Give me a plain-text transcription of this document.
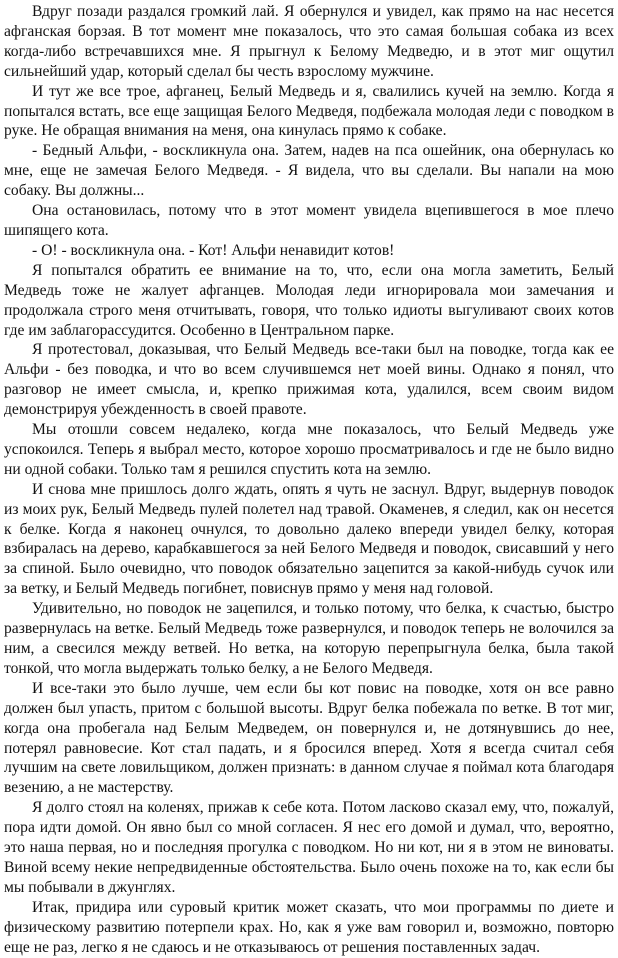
Вдруг позади раздался громкий лай. Я обернулся и увидел, как прямо на нас несется афганская борзая. В тот момент мне показалось, что это самая большая собака из всех когда-либо встречавшихся мне. Я прыгнул к Белому Медведю, и в этот миг ощутил сильнейший удар, который сделал бы честь взрослому мужчине.

И тут же все трое, афганец, Белый Медведь и я, свалились кучей на землю. Когда я попытался встать, все еще защищая Белого Медведя, подбежала молодая леди с поводком в руке. Не обращая внимания на меня, она кинулась прямо к собаке.

- Бедный Альфи, - воскликнула она. Затем, надев на пса ошейник, она обернулась ко мне, еще не замечая Белого Медведя. - Я видела, что вы сделали. Вы напали на мою собаку. Вы должны...

Она остановилась, потому что в этот момент увидела вцепившегося в мое плечо шипящего кота.

- О! - воскликнула она. - Кот! Альфи ненавидит котов!

Я попытался обратить ее внимание на то, что, если она могла заметить, Белый Медведь тоже не жалует афганцев. Молодая леди игнорировала мои замечания и продолжала строго меня отчитывать, говоря, что только идиоты выгуливают своих котов где им заблагорассудится. Особенно в Центральном парке.

Я протестовал, доказывая, что Белый Медведь все-таки был на поводке, тогда как ее Альфи - без поводка, и что во всем случившемся нет моей вины. Однако я понял, что разговор не имеет смысла, и, крепко прижимая кота, удалился, всем своим видом демонстрируя убежденность в своей правоте.

Мы отошли совсем недалеко, когда мне показалось, что Белый Медведь уже успокоился. Теперь я выбрал место, которое хорошо просматривалось и где не было видно ни одной собаки. Только там я решился спустить кота на землю.

И снова мне пришлось долго ждать, опять я чуть не заснул. Вдруг, выдернув поводок из моих рук, Белый Медведь пулей полетел над травой. Окаменев, я следил, как он несется к белке. Когда я наконец очнулся, то довольно далеко впереди увидел белку, которая взбиралась на дерево, карабкавшегося за ней Белого Медведя и поводок, свисавший у него за спиной. Было очевидно, что поводок обязательно зацепится за какой-нибудь сучок или за ветку, и Белый Медведь погибнет, повиснув прямо у меня над головой.

Удивительно, но поводок не зацепился, и только потому, что белка, к счастью, быстро развернулась на ветке. Белый Медведь тоже развернулся, и поводок теперь не волочился за ним, а свесился между ветвей. Но ветка, на которую перепрыгнула белка, была такой тонкой, что могла выдержать только белку, а не Белого Медведя.

И все-таки это было лучше, чем если бы кот повис на поводке, хотя он все равно должен был упасть, притом с большой высоты. Вдруг белка побежала по ветке. В тот миг, когда она пробегала над Белым Медведем, он повернулся и, не дотянувшись до нее, потерял равновесие. Кот стал падать, и я бросился вперед. Хотя я всегда считал себя лучшим на свете ловильщиком, должен признать: в данном случае я поймал кота благодаря везению, а не мастерству.

Я долго стоял на коленях, прижав к себе кота. Потом ласково сказал ему, что, пожалуй, пора идти домой. Он явно был со мной согласен. Я нес его домой и думал, что, вероятно, это наша первая, но и последняя прогулка с поводком. Но ни кот, ни я в этом не виноваты. Виной всему некие непредвиденные обстоятельства. Было очень похоже на то, как если бы мы побывали в джунглях.

Итак, придира или суровый критик может сказать, что мои программы по диете и физическому развитию потерпели крах. Но, как я уже вам говорил и, возможно, повторю еще не раз, легко я не сдаюсь и не отказываюсь от решения поставленных задач.
